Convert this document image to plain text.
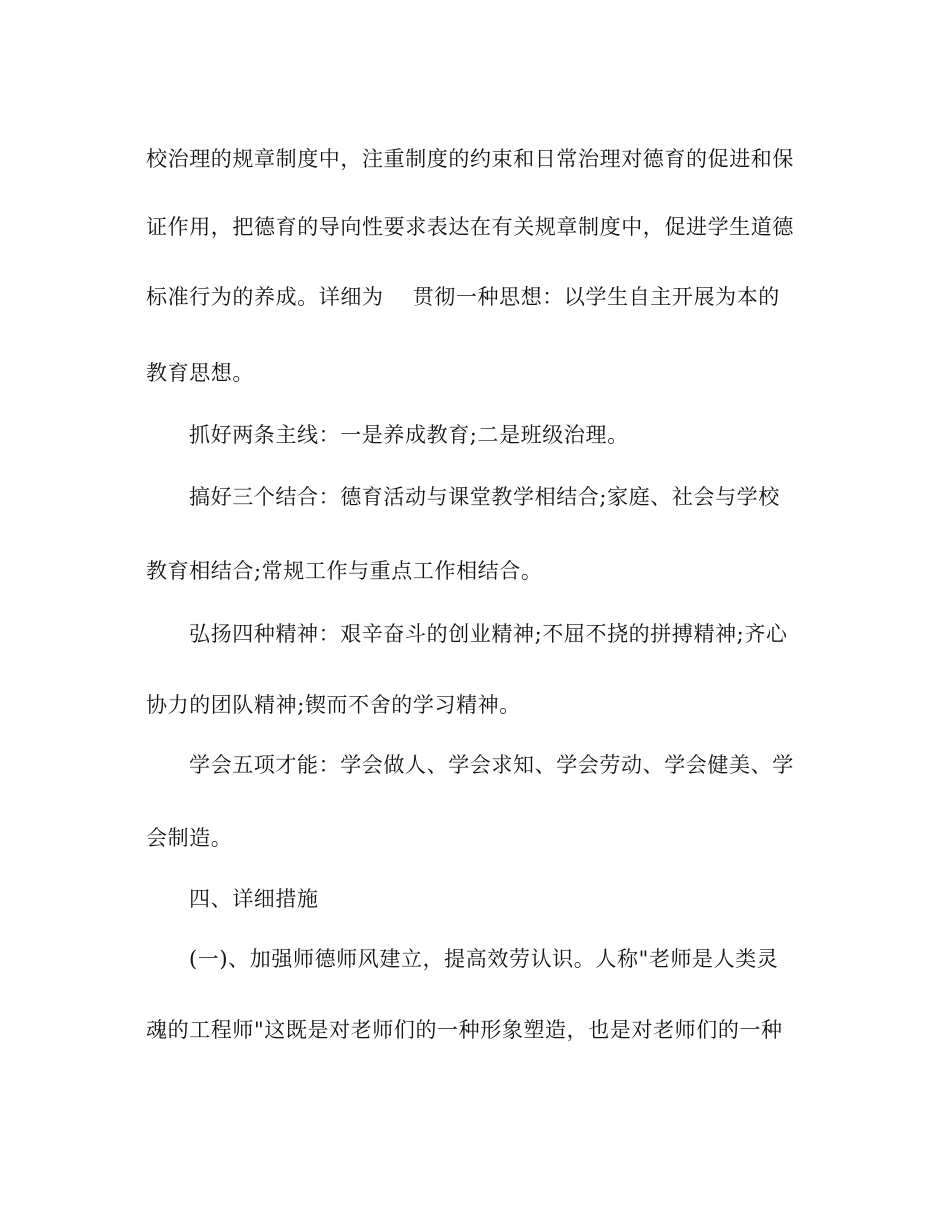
校治理的规章制度中，注重制度的约束和日常治理对德育的促进和保
证作用，把德育的导向性要求表达在有关规章制度中，促进学生道德
标准行为的养成。详细为    贯彻一种思想：以学生自主开展为本的
教育思想。
抓好两条主线：一是养成教育;二是班级治理。
搞好三个结合：德育活动与课堂教学相结合;家庭、社会与学校
教育相结合;常规工作与重点工作相结合。
弘扬四种精神：艰辛奋斗的创业精神;不屈不挠的拼搏精神;齐心
协力的团队精神;锲而不舍的学习精神。
学会五项才能：学会做人、学会求知、学会劳动、学会健美、学
会制造。
四、详细措施
(一)、加强师德师风建立，提高效劳认识。人称"老师是人类灵
魂的工程师"这既是对老师们的一种形象塑造，也是对老师们的一种
